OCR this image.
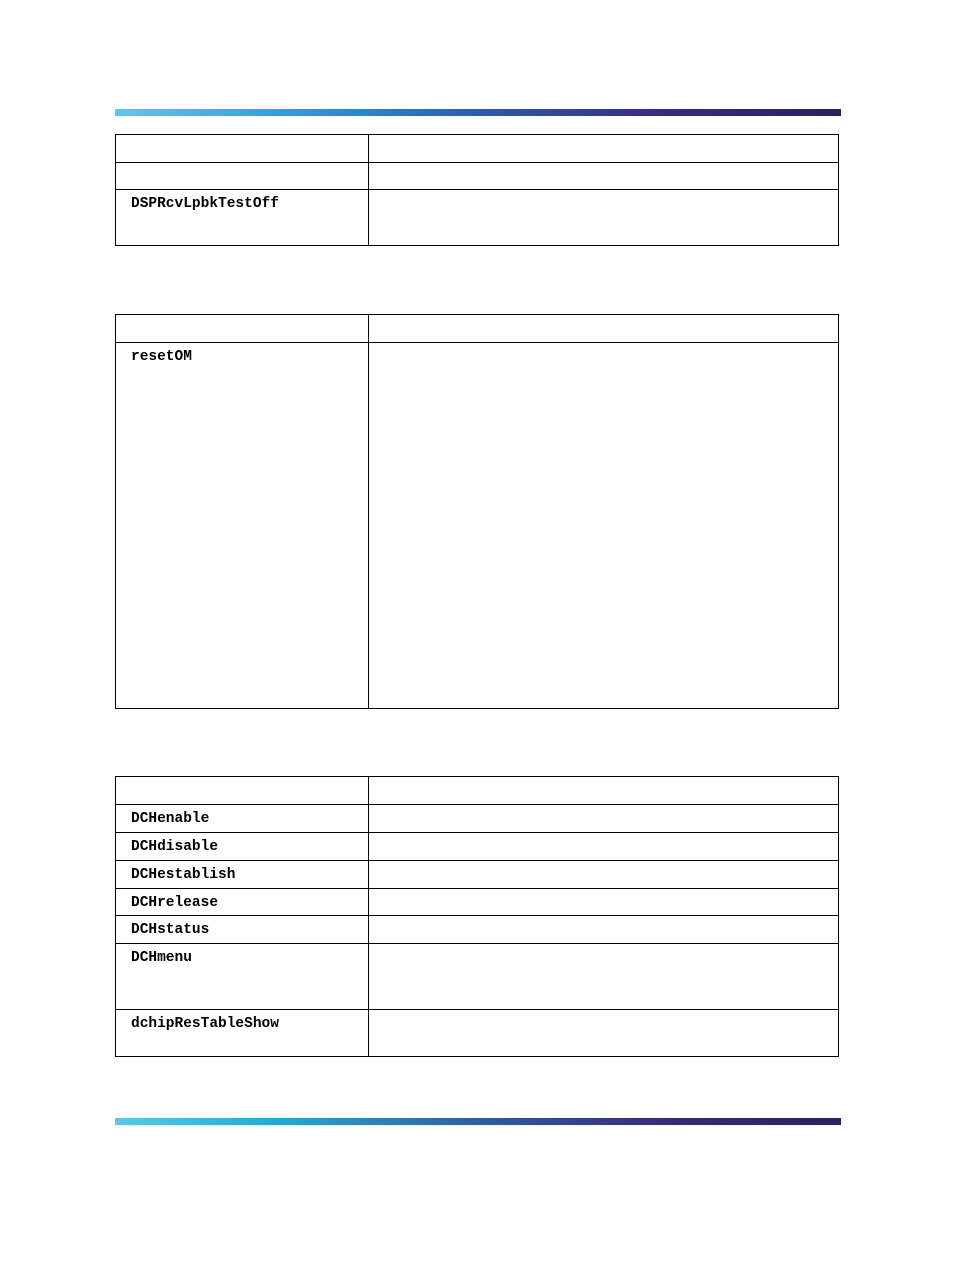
DSPRcvLpbkTestOff	

resetOM	

DCHenable	
DCHdisable	
DCHestablish	
DCHrelease	
DCHstatus	
DCHmenu	
dchipResTableShow	
